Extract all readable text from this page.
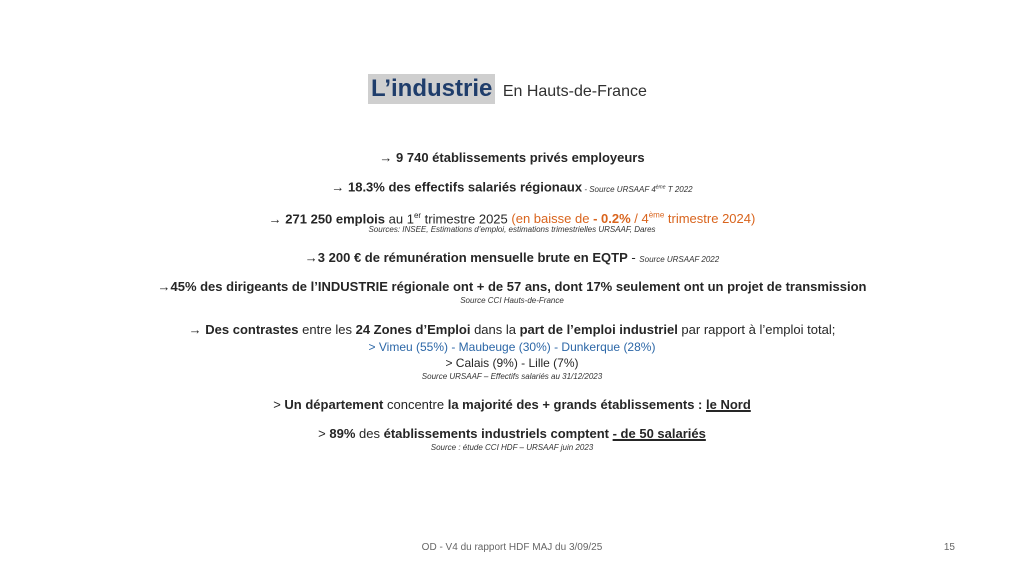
L’industrie En Hauts-de-France
→ 9 740 établissements privés employeurs
→ 18.3% des effectifs salariés régionaux - Source URSAAF 4ème T 2022
→ 271 250 emplois au 1er trimestre 2025 (en baisse de - 0.2% / 4ème trimestre 2024)
Sources: INSEE, Estimations d’emploi, estimations trimestrielles URSAAF, Dares
→3 200 € de rémunération mensuelle brute en EQTP - Source URSAAF 2022
→45% des dirigeants de l’INDUSTRIE régionale ont + de 57 ans, dont 17% seulement ont un projet de transmission
Source CCI Hauts-de-France
→ Des contrastes entre les 24 Zones d’Emploi dans la part de l’emploi industriel par rapport à l’emploi total;
> Vimeu (55%) - Maubeuge (30%) - Dunkerque (28%)
> Calais (9%) - Lille (7%)
Source URSAAF – Effectifs salariés au 31/12/2023
> Un département concentre la majorité des + grands établissements : le Nord
> 89% des établissements industriels comptent - de 50 salariés
Source : étude CCI HDF – URSAAF juin 2023
OD - V4 du rapport HDF MAJ du 3/09/25	15
